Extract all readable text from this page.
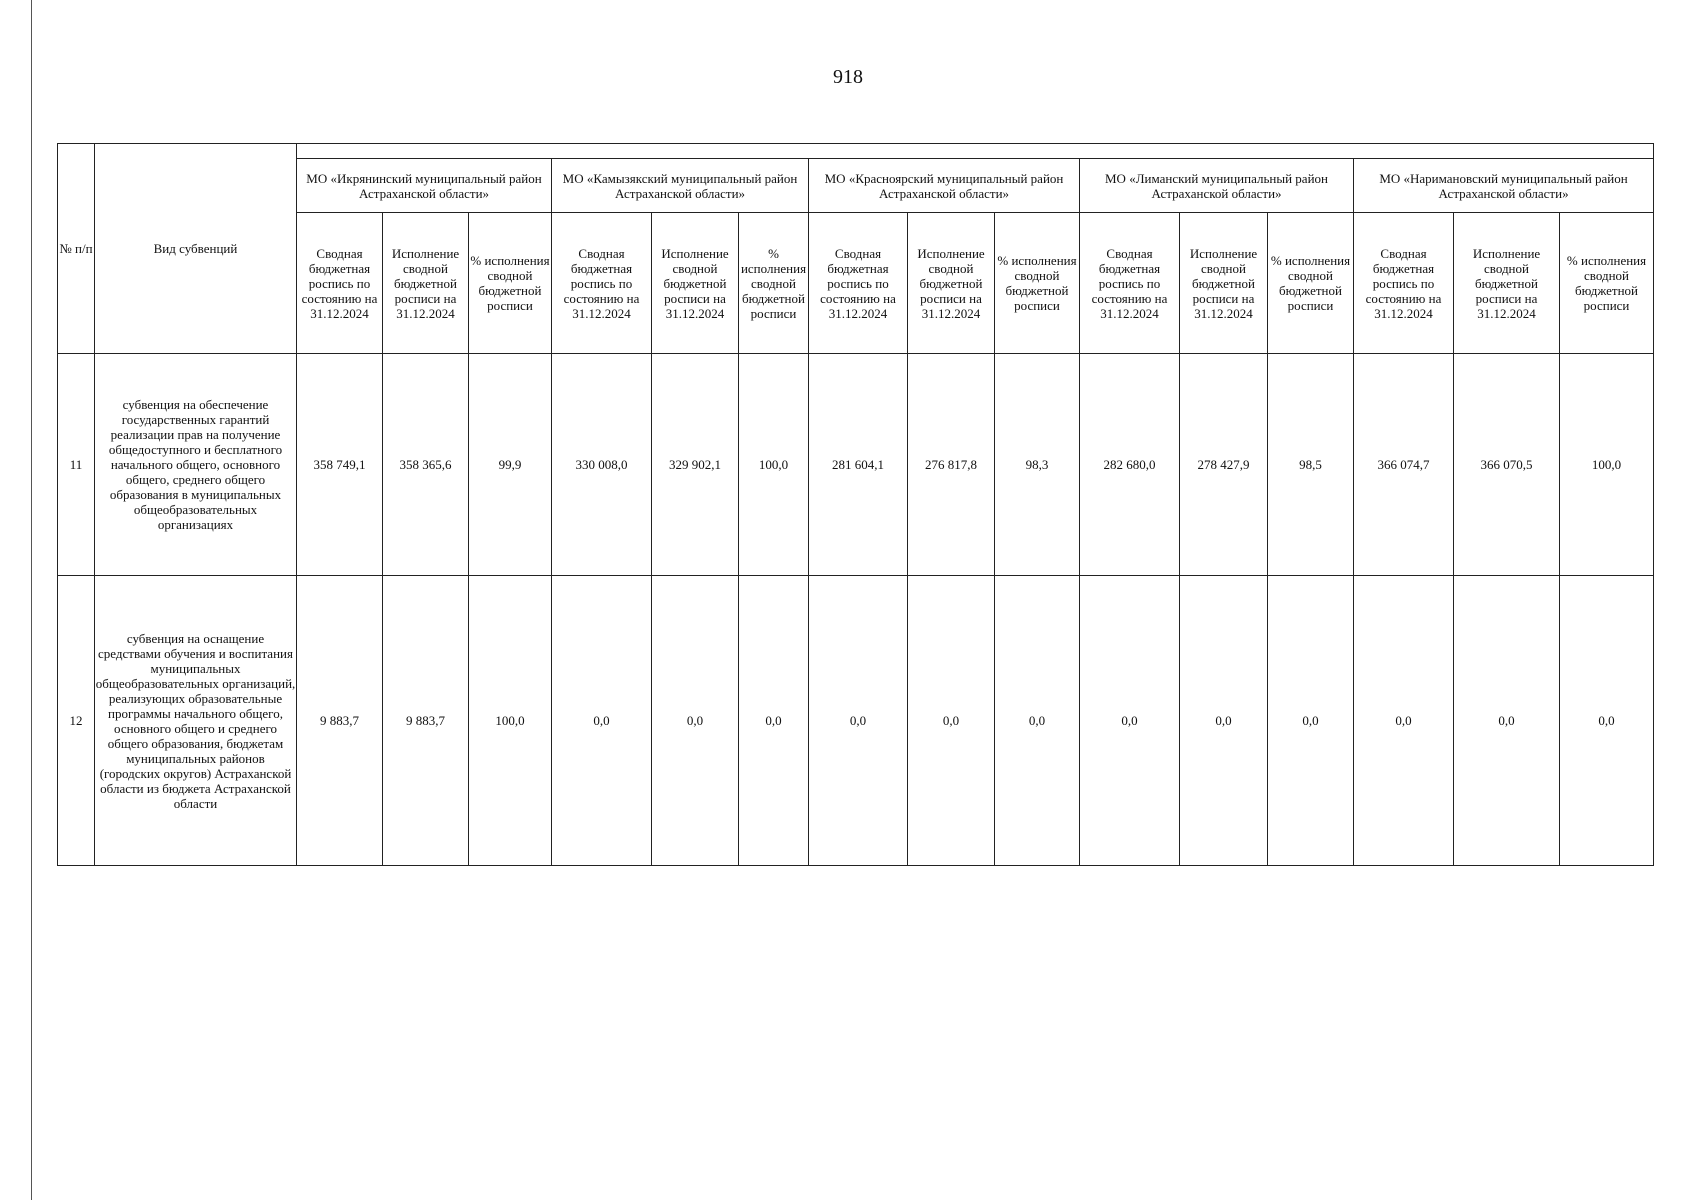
918
№ п/п	Вид субвенций															
		МО «Икрянинский муниципальный район Астраханской области»			МО «Камызякский муниципальный район Астраханской области»			МО «Красноярский муниципальный район Астраханской области»			МО «Лиманский муниципальный район Астраханской области»			МО «Наримановский муниципальный район Астраханской области»		
		Сводная бюджетная роспись по состоянию на 31.12.2024	Исполнение сводной бюджетной росписи на 31.12.2024	% исполнения сводной бюджетной росписи	Сводная бюджетная роспись по состоянию на 31.12.2024	Исполнение сводной бюджетной росписи на 31.12.2024	% исполнения сводной бюджетной росписи	Сводная бюджетная роспись по состоянию на 31.12.2024	Исполнение сводной бюджетной росписи на 31.12.2024	% исполнения сводной бюджетной росписи	Сводная бюджетная роспись по состоянию на 31.12.2024	Исполнение сводной бюджетной росписи на 31.12.2024	% исполнения сводной бюджетной росписи	Сводная бюджетная роспись по состоянию на 31.12.2024	Исполнение сводной бюджетной росписи на 31.12.2024	% исполнения сводной бюджетной росписи
11	субвенция на обеспечение государственных гарантий реализации прав на получение общедоступного и бесплатного начального общего, основного общего, среднего общего образования в муниципальных общеобразовательных организациях	358 749,1	358 365,6	99,9	330 008,0	329 902,1	100,0	281 604,1	276 817,8	98,3	282 680,0	278 427,9	98,5	366 074,7	366 070,5	100,0
12	субвенция на оснащение средствами обучения и воспитания муниципальных общеобразовательных организаций, реализующих образовательные программы начального общего, основного общего и среднего общего образования, бюджетам муниципальных районов (городских округов) Астраханской области из бюджета Астраханской области	9 883,7	9 883,7	100,0	0,0	0,0	0,0	0,0	0,0	0,0	0,0	0,0	0,0	0,0	0,0	0,0
